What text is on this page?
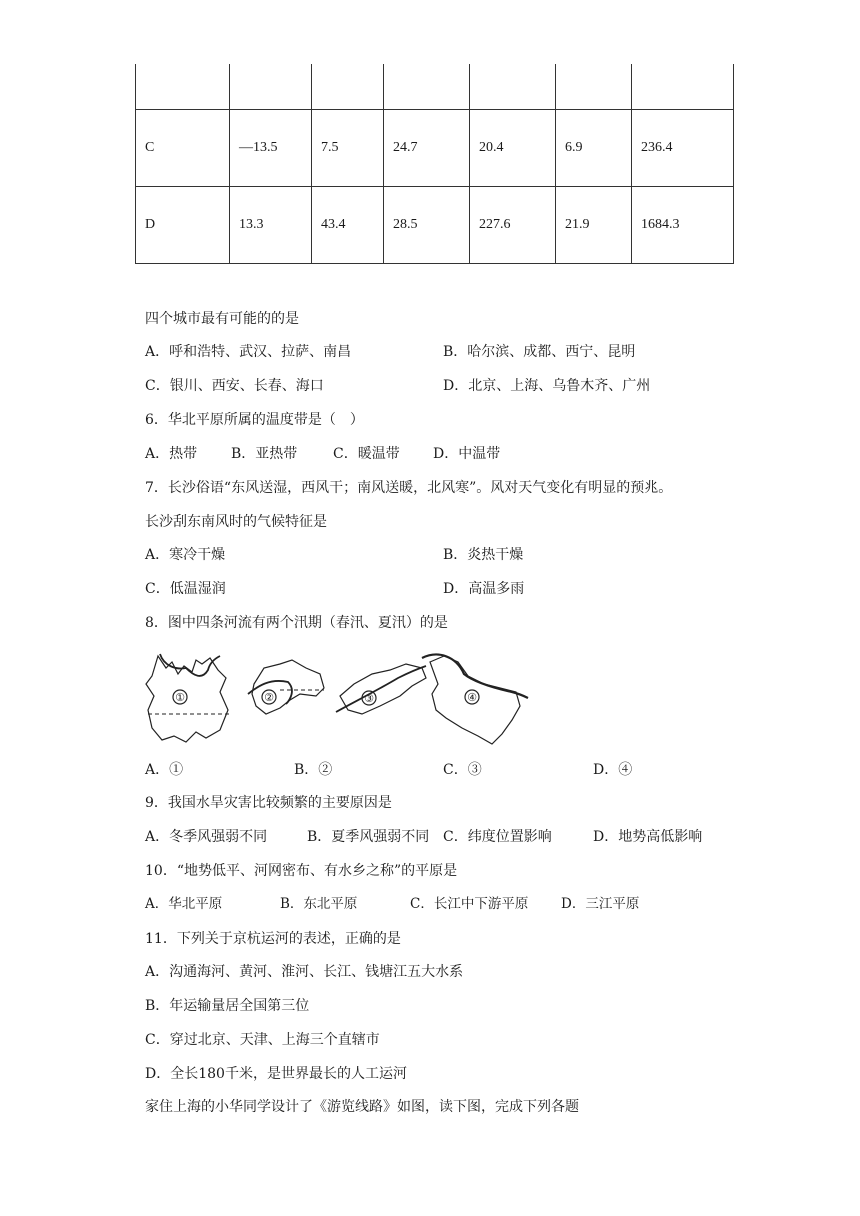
C	—13.5	7.5	24.7	20.4	6.9	236.4
D	13.3	43.4	28.5	227.6	21.9	1684.3
四个城市最有可能的的是
A．呼和浩特、武汉、拉萨、南昌	B．哈尔滨、成都、西宁、昆明
C．银川、西安、长春、海口	D．北京、上海、乌鲁木齐、广州
6．华北平原所属的温度带是（　）
A．热带 B．亚热带	C．暖温带 D．中温带
7．长沙俗语“东风送湿，西风干；南风送暖，北风寒”。风对天气变化有明显的预兆。
长沙刮东南风时的气候特征是
A．寒冷干燥	B．炎热干燥
C．低温湿润	D．高温多雨
8．图中四条河流有两个汛期（春汛、夏汛）的是
①	②	③	④
A．①	B．②	C．③	D．④
9．我国水旱灾害比较频繁的主要原因是
A．冬季风强弱不同	B．夏季风强弱不同 C．纬度位置影响	D．地势高低影响
10．“地势低平、河网密布、有水乡之称”的平原是
A．华北平原	B．东北平原	C．长江中下游平原 D．三江平原
11．下列关于京杭运河的表述，正确的是
A．沟通海河、黄河、淮河、长江、钱塘江五大水系
B．年运输量居全国第三位
C．穿过北京、天津、上海三个直辖市
D．全长180千米，是世界最长的人工运河
家住上海的小华同学设计了《游览线路》如图，读下图，完成下列各题
